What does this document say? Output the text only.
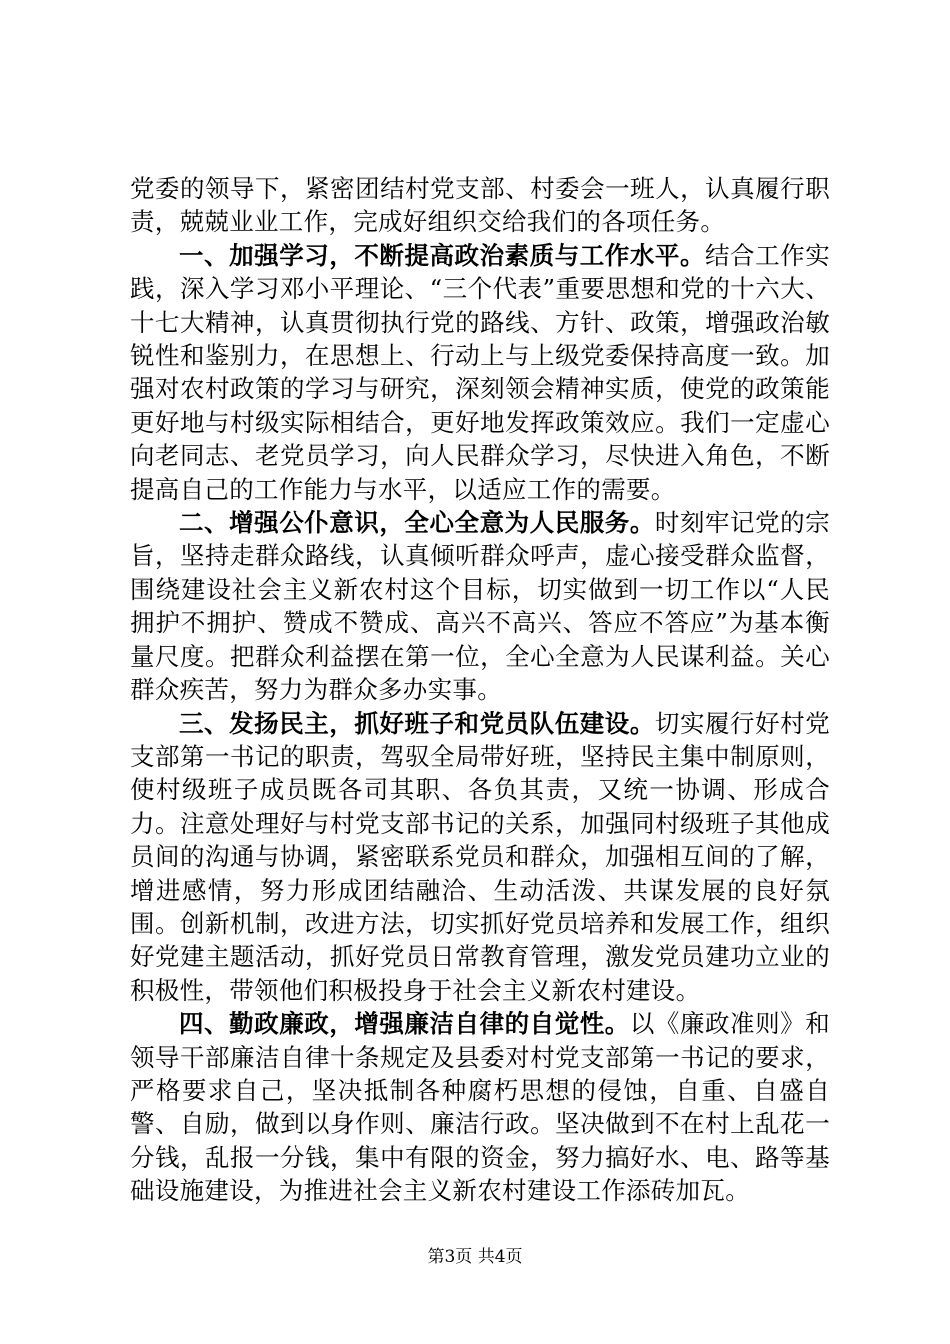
党委的领导下，紧密团结村党支部、村委会一班人，认真履行职责，兢兢业业工作，完成好组织交给我们的各项任务。

一、加强学习，不断提高政治素质与工作水平。结合工作实践，深入学习邓小平理论、“三个代表”重要思想和党的十六大、十七大精神，认真贯彻执行党的路线、方针、政策，增强政治敏锐性和鉴别力，在思想上、行动上与上级党委保持高度一致。加强对农村政策的学习与研究，深刻领会精神实质，使党的政策能更好地与村级实际相结合，更好地发挥政策效应。我们一定虚心向老同志、老党员学习，向人民群众学习，尽快进入角色，不断提高自己的工作能力与水平，以适应工作的需要。

二、增强公仆意识，全心全意为人民服务。时刻牢记党的宗旨，坚持走群众路线，认真倾听群众呼声，虚心接受群众监督，围绕建设社会主义新农村这个目标，切实做到一切工作以“人民拥护不拥护、赞成不赞成、高兴不高兴、答应不答应”为基本衡量尺度。把群众利益摆在第一位，全心全意为人民谋利益。关心群众疾苦，努力为群众多办实事。

三、发扬民主，抓好班子和党员队伍建设。切实履行好村党支部第一书记的职责，驾驭全局带好班，坚持民主集中制原则，使村级班子成员既各司其职、各负其责，又统一协调、形成合力。注意处理好与村党支部书记的关系，加强同村级班子其他成员间的沟通与协调，紧密联系党员和群众，加强相互间的了解，增进感情，努力形成团结融洽、生动活泼、共谋发展的良好氛围。创新机制，改进方法，切实抓好党员培养和发展工作，组织好党建主题活动，抓好党员日常教育管理，激发党员建功立业的积极性，带领他们积极投身于社会主义新农村建设。

四、勤政廉政，增强廉洁自律的自觉性。以《廉政准则》和领导干部廉洁自律十条规定及县委对村党支部第一书记的要求，严格要求自己，坚决抵制各种腐朽思想的侵蚀，自重、自盛自警、自励，做到以身作则、廉洁行政。坚决做到不在村上乱花一分钱，乱报一分钱，集中有限的资金，努力搞好水、电、路等基础设施建设，为推进社会主义新农村建设工作添砖加瓦。

第3页 共4页
